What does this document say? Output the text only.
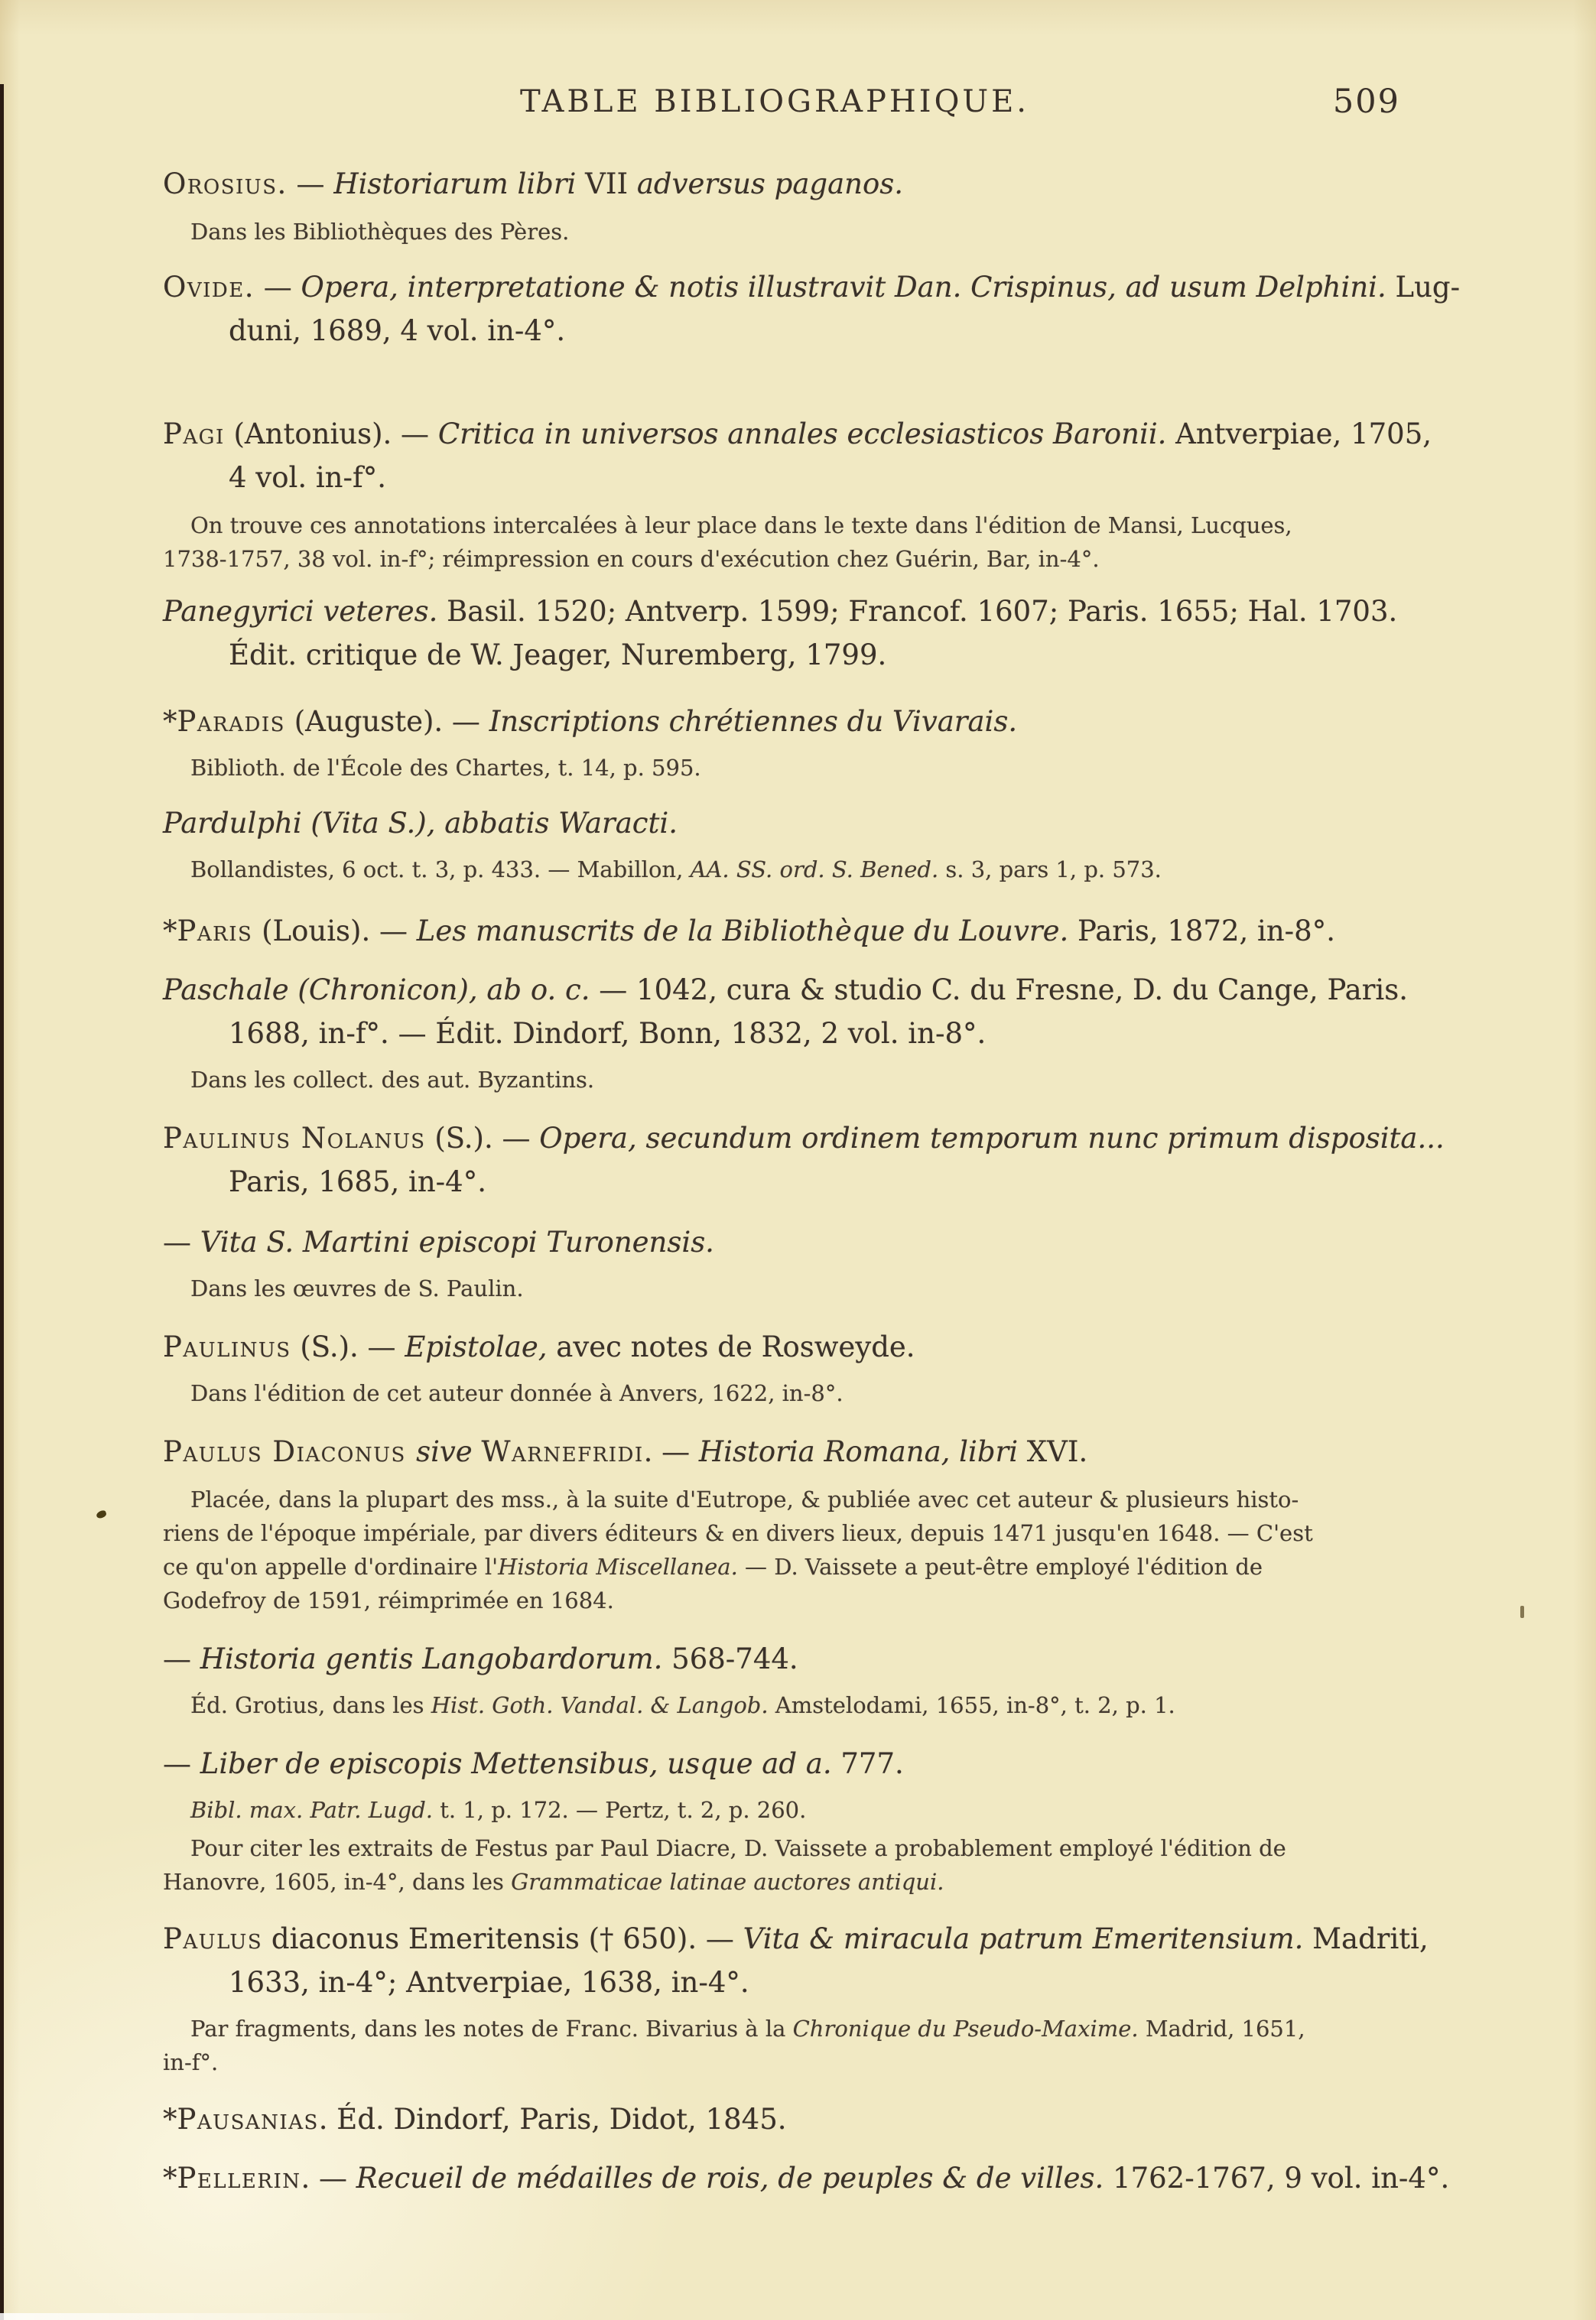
TABLE BIBLIOGRAPHIQUE.	509

Orosius. — Historiarum libri VII adversus paganos.

Dans les Bibliothèques des Pères.

Ovide. — Opera, interpretatione & notis illustravit Dan. Crispinus, ad usum Delphini. Lug-
duni, 1689, 4 vol. in-4°.

Pagi (Antonius). — Critica in universos annales ecclesiasticos Baronii. Antverpiae, 1705,
4 vol. in-f°.

On trouve ces annotations intercalées à leur place dans le texte dans l'édition de Mansi, Lucques,
1738-1757, 38 vol. in-f°; réimpression en cours d'exécution chez Guérin, Bar, in-4°.

Panegyrici veteres. Basil. 1520; Antverp. 1599; Francof. 1607; Paris. 1655; Hal. 1703.
Édit. critique de W. Jeager, Nuremberg, 1799.

*Paradis (Auguste). — Inscriptions chrétiennes du Vivarais.

Biblioth. de l'École des Chartes, t. 14, p. 595.

Pardulphi (Vita S.), abbatis Waracti.

Bollandistes, 6 oct. t. 3, p. 433. — Mabillon, AA. SS. ord. S. Bened. s. 3, pars 1, p. 573.

*Paris (Louis). — Les manuscrits de la Bibliothèque du Louvre. Paris, 1872, in-8°.

Paschale (Chronicon), ab o. c. — 1042, cura & studio C. du Fresne, D. du Cange, Paris.
1688, in-f°. — Édit. Dindorf, Bonn, 1832, 2 vol. in-8°.

Dans les collect. des aut. Byzantins.

Paulinus Nolanus (S.). — Opera, secundum ordinem temporum nunc primum disposita...
Paris, 1685, in-4°.

— Vita S. Martini episcopi Turonensis.

Dans les œuvres de S. Paulin.

Paulinus (S.). — Epistolae, avec notes de Rosweyde.

Dans l'édition de cet auteur donnée à Anvers, 1622, in-8°.

Paulus Diaconus sive Warnefridi. — Historia Romana, libri XVI.

Placée, dans la plupart des mss., à la suite d'Eutrope, & publiée avec cet auteur & plusieurs histo-
riens de l'époque impériale, par divers éditeurs & en divers lieux, depuis 1471 jusqu'en 1648. — C'est
ce qu'on appelle d'ordinaire l'Historia Miscellanea. — D. Vaissete a peut-être employé l'édition de
Godefroy de 1591, réimprimée en 1684.

— Historia gentis Langobardorum. 568-744.

Éd. Grotius, dans les Hist. Goth. Vandal. & Langob. Amstelodami, 1655, in-8°, t. 2, p. 1.

— Liber de episcopis Mettensibus, usque ad a. 777.

Bibl. max. Patr. Lugd. t. 1, p. 172. — Pertz, t. 2, p. 260.

Pour citer les extraits de Festus par Paul Diacre, D. Vaissete a probablement employé l'édition de
Hanovre, 1605, in-4°, dans les Grammaticae latinae auctores antiqui.

Paulus diaconus Emeritensis († 650). — Vita & miracula patrum Emeritensium. Madriti,
1633, in-4°; Antverpiae, 1638, in-4°.

Par fragments, dans les notes de Franc. Bivarius à la Chronique du Pseudo-Maxime. Madrid, 1651,
in-f°.

*Pausanias. Éd. Dindorf, Paris, Didot, 1845.

*Pellerin. — Recueil de médailles de rois, de peuples & de villes. 1762-1767, 9 vol. in-4°.
